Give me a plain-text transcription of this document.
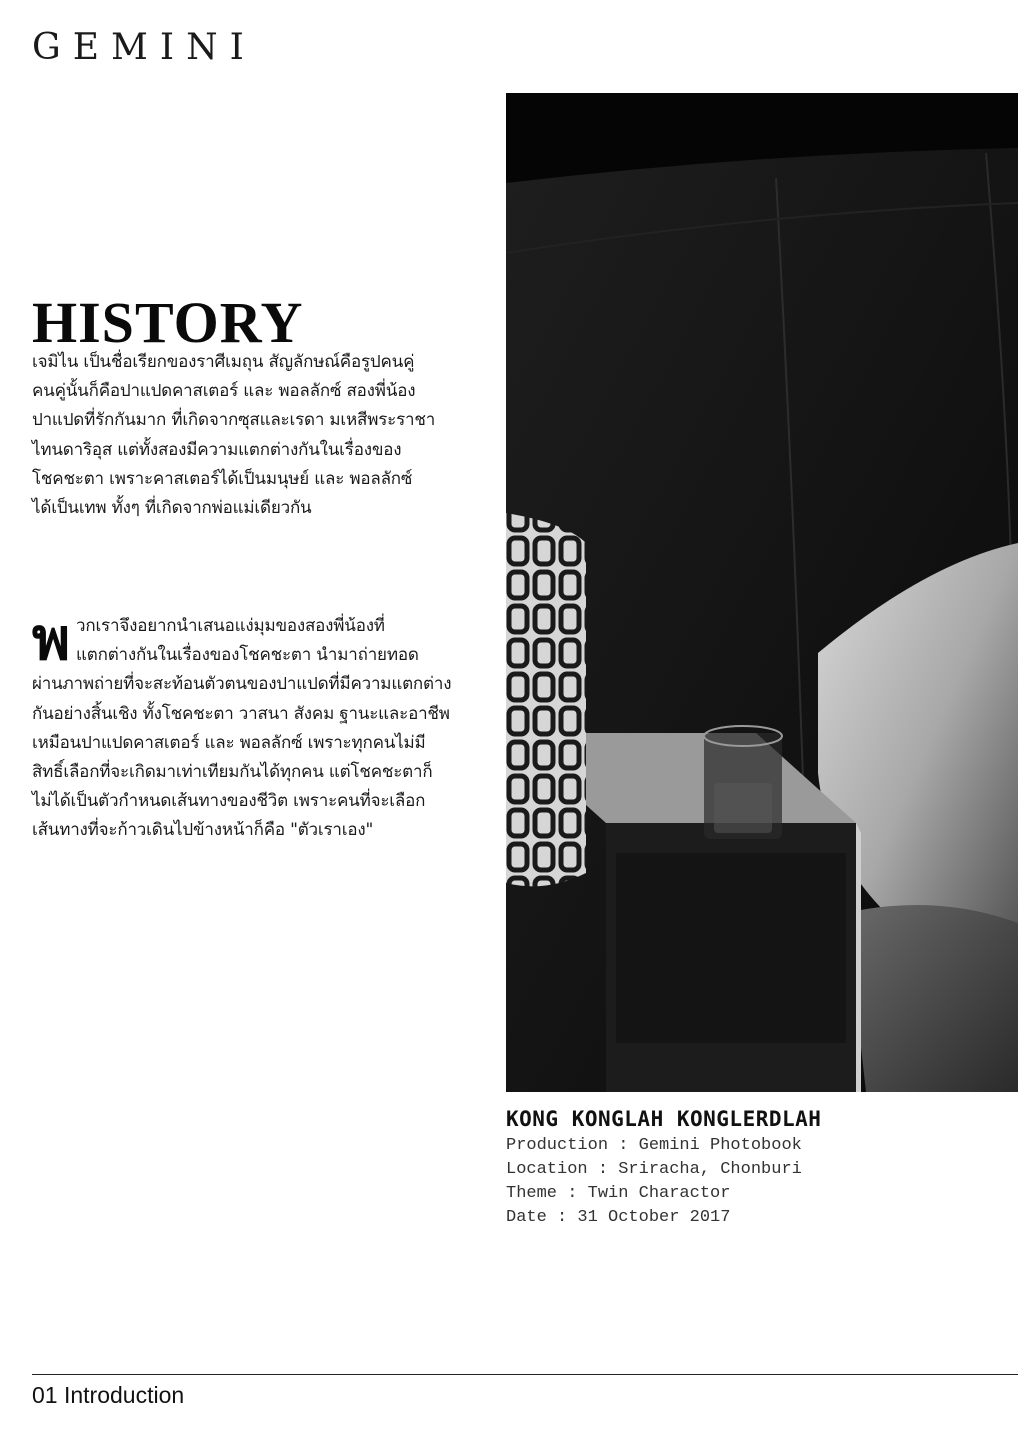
GEMINI
HISTORY
เจมิไน เป็นชื่อเรียกของราศีเมถุน สัญลักษณ์คือรูปคนคู่
คนคู่นั้นก็คือปาแปดคาสเตอร์ และ พอลลักซ์ สองพี่น้อง
ปาแปดที่รักกันมาก ที่เกิดจากซุสและเรดา มเหสีพระราชา
ไทนดาริอุส แต่ทั้งสองมีความแตกต่างกันในเรื่องของ
โชคชะตา เพราะคาสเตอร์ได้เป็นมนุษย์ และ พอลลักซ์
ได้เป็นเทพ ทั้งๆ ที่เกิดจากพ่อแม่เดียวกัน
พ วกเราจึงอยากนำเสนอแง่มุมของสองพี่น้องที่
แตกต่างกันในเรื่องของโชคชะตา นำมาถ่ายทอด
ผ่านภาพถ่ายที่จะสะท้อนตัวตนของปาแปดที่มีความแตกต่าง
กันอย่างสิ้นเชิง ทั้งโชคชะตา วาสนา สังคม ฐานะและอาชีพ
เหมือนปาแปดคาสเตอร์ และ พอลลักซ์ เพราะทุกคนไม่มี
สิทธิ์เลือกที่จะเกิดมาเท่าเทียมกันได้ทุกคน แต่โชคชะตาก็
ไม่ได้เป็นตัวกำหนดเส้นทางของชีวิต เพราะคนที่จะเลือก
เส้นทางที่จะก้าวเดินไปข้างหน้าก็คือ "ตัวเราเอง"
KONG KONGLAH KONGLERDLAH
Production : Gemini Photobook
Location : Sriracha, Chonburi
Theme : Twin Charactor
Date : 31 October 2017
01 Introduction
